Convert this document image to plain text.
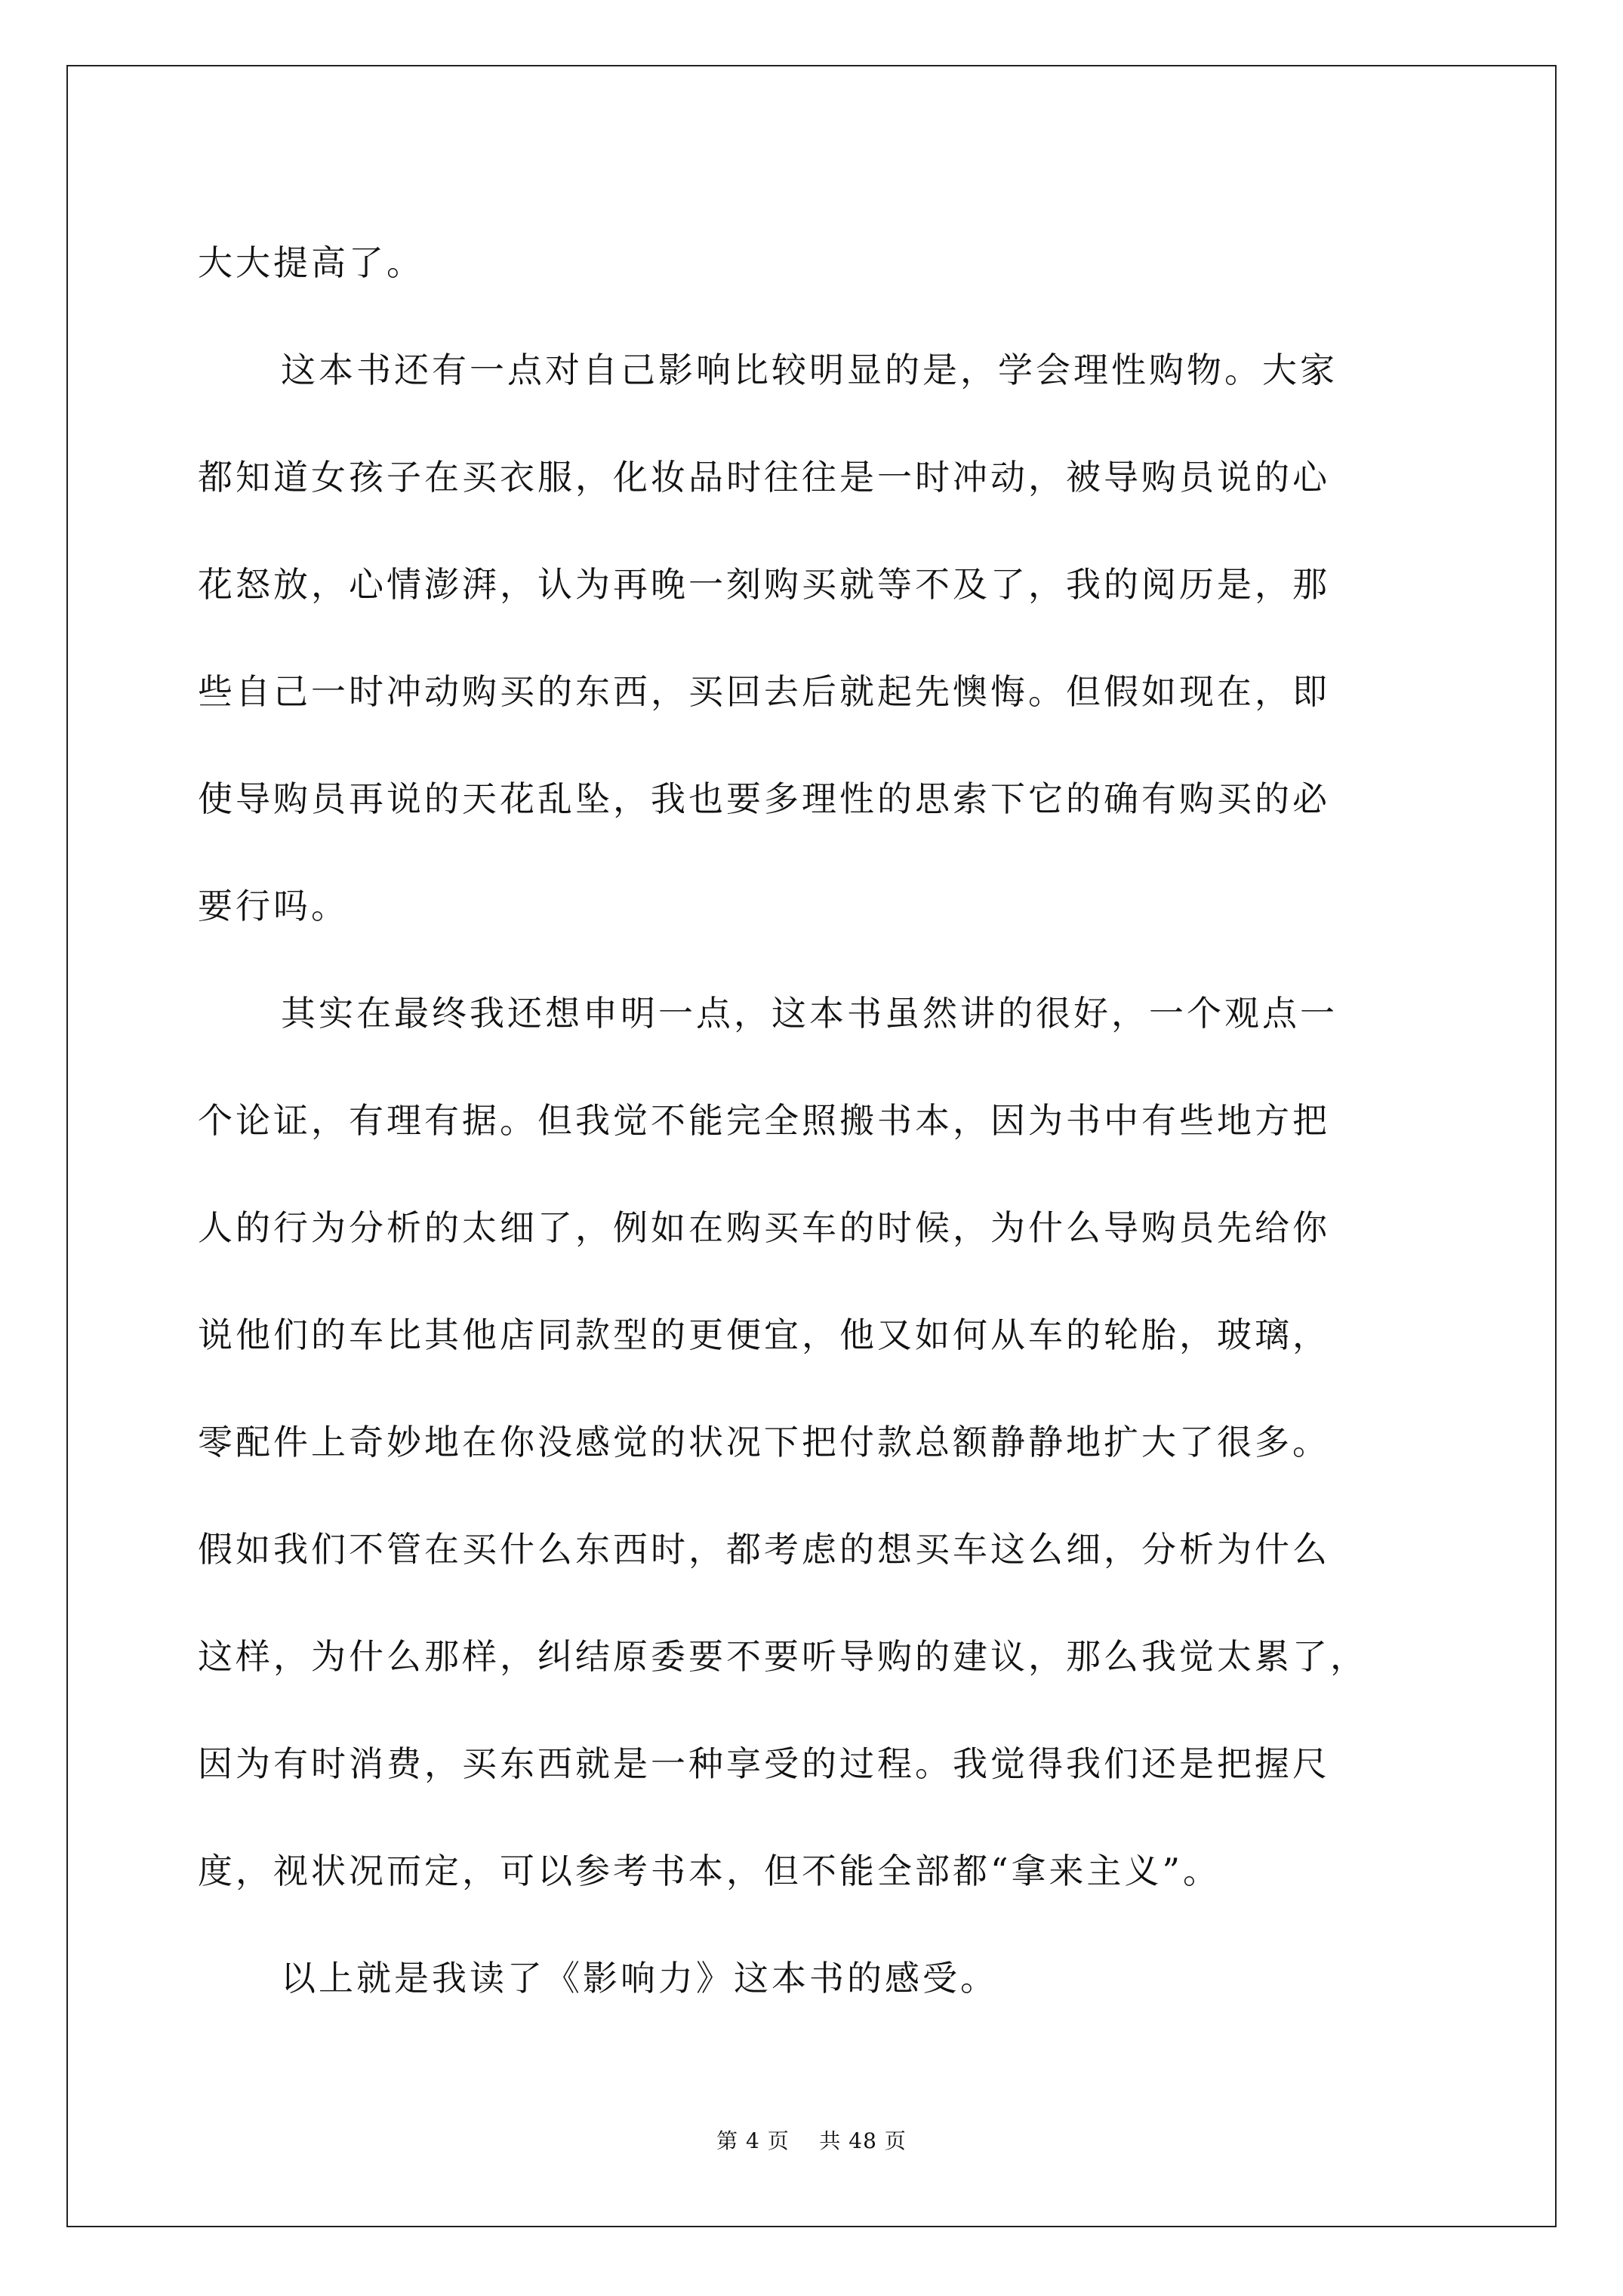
大大提高了。
这本书还有一点对自己影响比较明显的是，学会理性购物。大家
都知道女孩子在买衣服，化妆品时往往是一时冲动，被导购员说的心
花怒放，心情澎湃，认为再晚一刻购买就等不及了，我的阅历是，那
些自己一时冲动购买的东西，买回去后就起先懊悔。但假如现在，即
使导购员再说的天花乱坠，我也要多理性的思索下它的确有购买的必
要行吗。
其实在最终我还想申明一点，这本书虽然讲的很好，一个观点一
个论证，有理有据。但我觉不能完全照搬书本，因为书中有些地方把
人的行为分析的太细了，例如在购买车的时候，为什么导购员先给你
说他们的车比其他店同款型的更便宜，他又如何从车的轮胎，玻璃，
零配件上奇妙地在你没感觉的状况下把付款总额静静地扩大了很多。
假如我们不管在买什么东西时，都考虑的想买车这么细，分析为什么
这样，为什么那样，纠结原委要不要听导购的建议，那么我觉太累了，
因为有时消费，买东西就是一种享受的过程。我觉得我们还是把握尺
度，视状况而定，可以参考书本，但不能全部都“拿来主义”。
以上就是我读了《影响力》这本书的感受。
第 4 页 共 48 页
